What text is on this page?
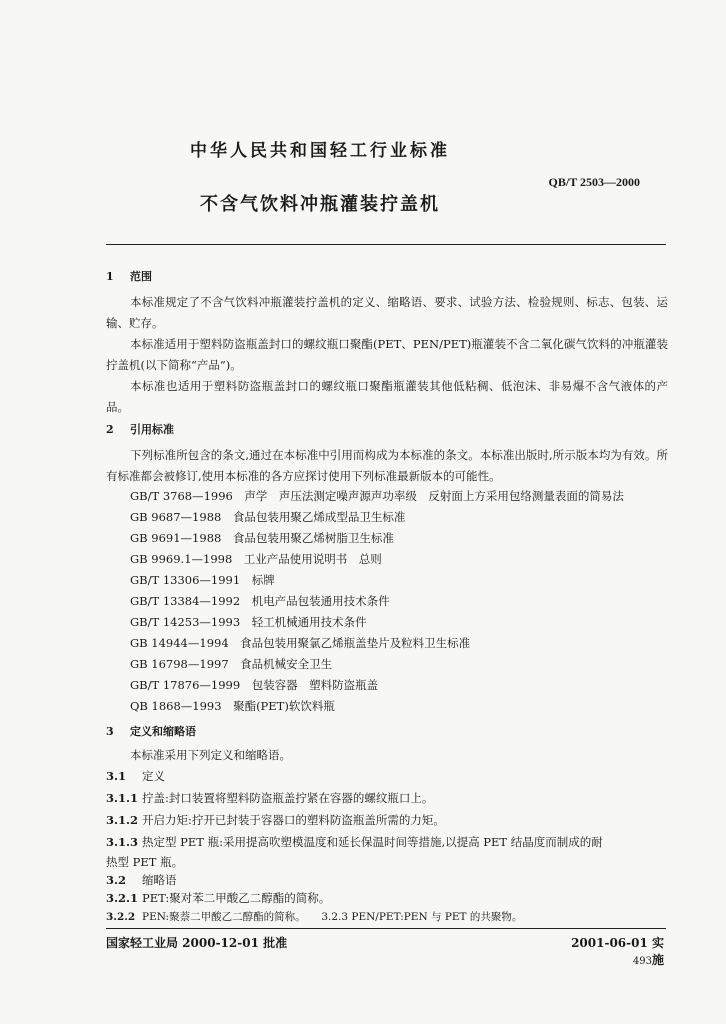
中华人民共和国轻工行业标准
QB/T 2503—2000
不含气饮料冲瓶灌装拧盖机
1 范围
本标准规定了不含气饮料冲瓶灌装拧盖机的定义、缩略语、要求、试验方法、检验规则、标志、包装、运输、贮存。
本标准适用于塑料防盗瓶盖封口的螺纹瓶口聚酯(PET、PEN/PET)瓶灌装不含二氧化碳气饮料的冲瓶灌装拧盖机(以下简称“产品”)。
本标准也适用于塑料防盗瓶盖封口的螺纹瓶口聚酯瓶灌装其他低粘稠、低泡沫、非易爆不含气液体的产品。
2 引用标准
下列标准所包含的条文,通过在本标准中引用而构成为本标准的条文。本标准出版时,所示版本均为有效。所有标准都会被修订,使用本标准的各方应探讨使用下列标准最新版本的可能性。
GB/T 3768—1996　声学　声压法测定噪声源声功率级　反射面上方采用包络测量表面的简易法
GB 9687—1988　食品包装用聚乙烯成型品卫生标准
GB 9691—1988　食品包装用聚乙烯树脂卫生标准
GB 9969.1—1998　工业产品使用说明书　总则
GB/T 13306—1991　标牌
GB/T 13384—1992　机电产品包装通用技术条件
GB/T 14253—1993　轻工机械通用技术条件
GB 14944—1994　食品包装用聚氯乙烯瓶盖垫片及粒料卫生标准
GB 16798—1997　食品机械安全卫生
GB/T 17876—1999　包装容器　塑料防盗瓶盖
QB 1868—1993　聚酯(PET)软饮料瓶
3 定义和缩略语
本标准采用下列定义和缩略语。
3.1 定义
3.1.1 拧盖:封口装置将塑料防盗瓶盖拧紧在容器的螺纹瓶口上。
3.1.2 开启力矩:拧开已封装于容器口的塑料防盗瓶盖所需的力矩。
3.1.3 热定型 PET 瓶:采用提高吹塑模温度和延长保温时间等措施,以提高 PET 结晶度而制成的耐
热型 PET 瓶。
3.2 缩略语
3.2.1 PET:聚对苯二甲酸乙二醇酯的简称。
国家轻工业局 2000-12-01 批准	2001-06-01 实施
493
3.2.2 PEN:聚萘二甲酸乙二醇酯的简称。　　3.2.3 PEN/PET:PEN 与 PET 的共聚物。
